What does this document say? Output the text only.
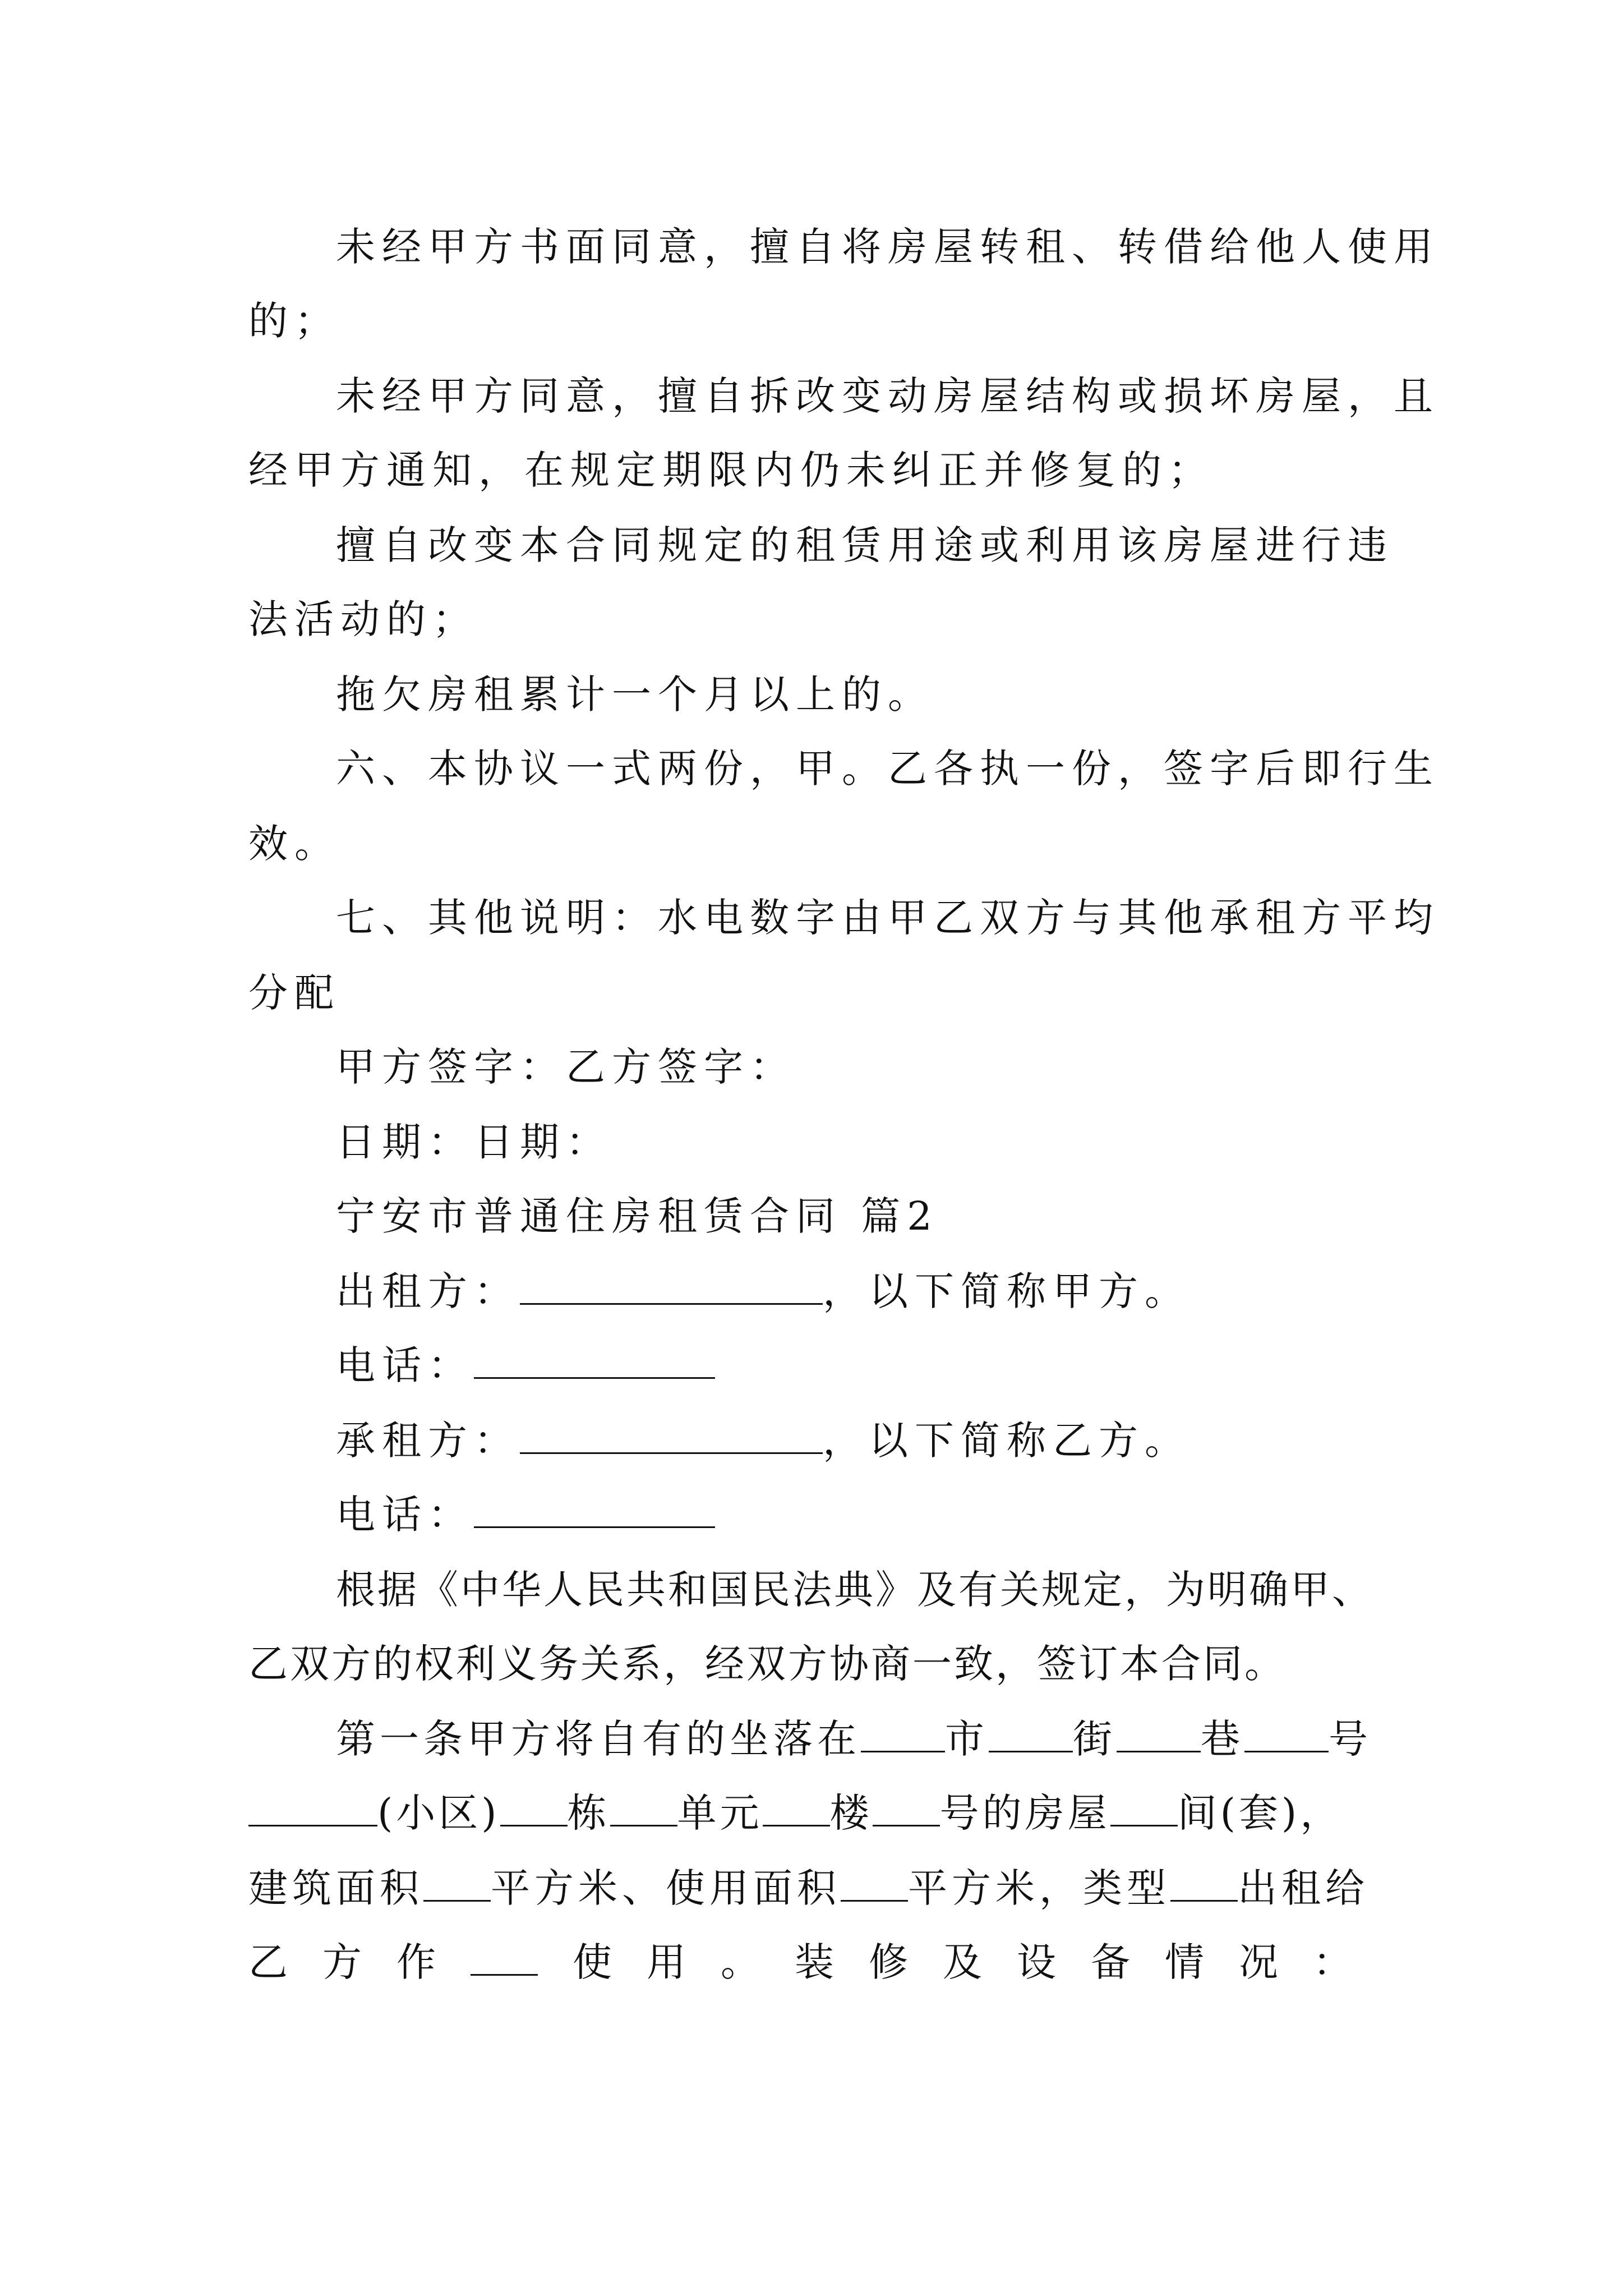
未经甲方书面同意，擅自将房屋转租、转借给他人使用
的；
未经甲方同意，擅自拆改变动房屋结构或损坏房屋，且
经甲方通知，在规定期限内仍未纠正并修复的；
擅自改变本合同规定的租赁用途或利用该房屋进行违
法活动的；
拖欠房租累计一个月以上的。
六、本协议一式两份，甲。乙各执一份，签字后即行生
效。
七、其他说明：水电数字由甲乙双方与其他承租方平均
分配
甲方签字：乙方签字：
日期：日期：
宁安市普通住房租赁合同 篇2
出租方：	，以下简称甲方。
电话：
承租方：	，以下简称乙方。
电话：
根据《中华人民共和国民法典》及有关规定，为明确甲、
乙双方的权利义务关系，经双方协商一致，签订本合同。
第一条甲方将自有的坐落在 市 街 巷 号
(小区) 栋 单元 楼 号的房屋 间(套)，
建筑面积 平方米、使用面积 平方米，类型 出租给
乙方作	使用。装修及设备情况：
